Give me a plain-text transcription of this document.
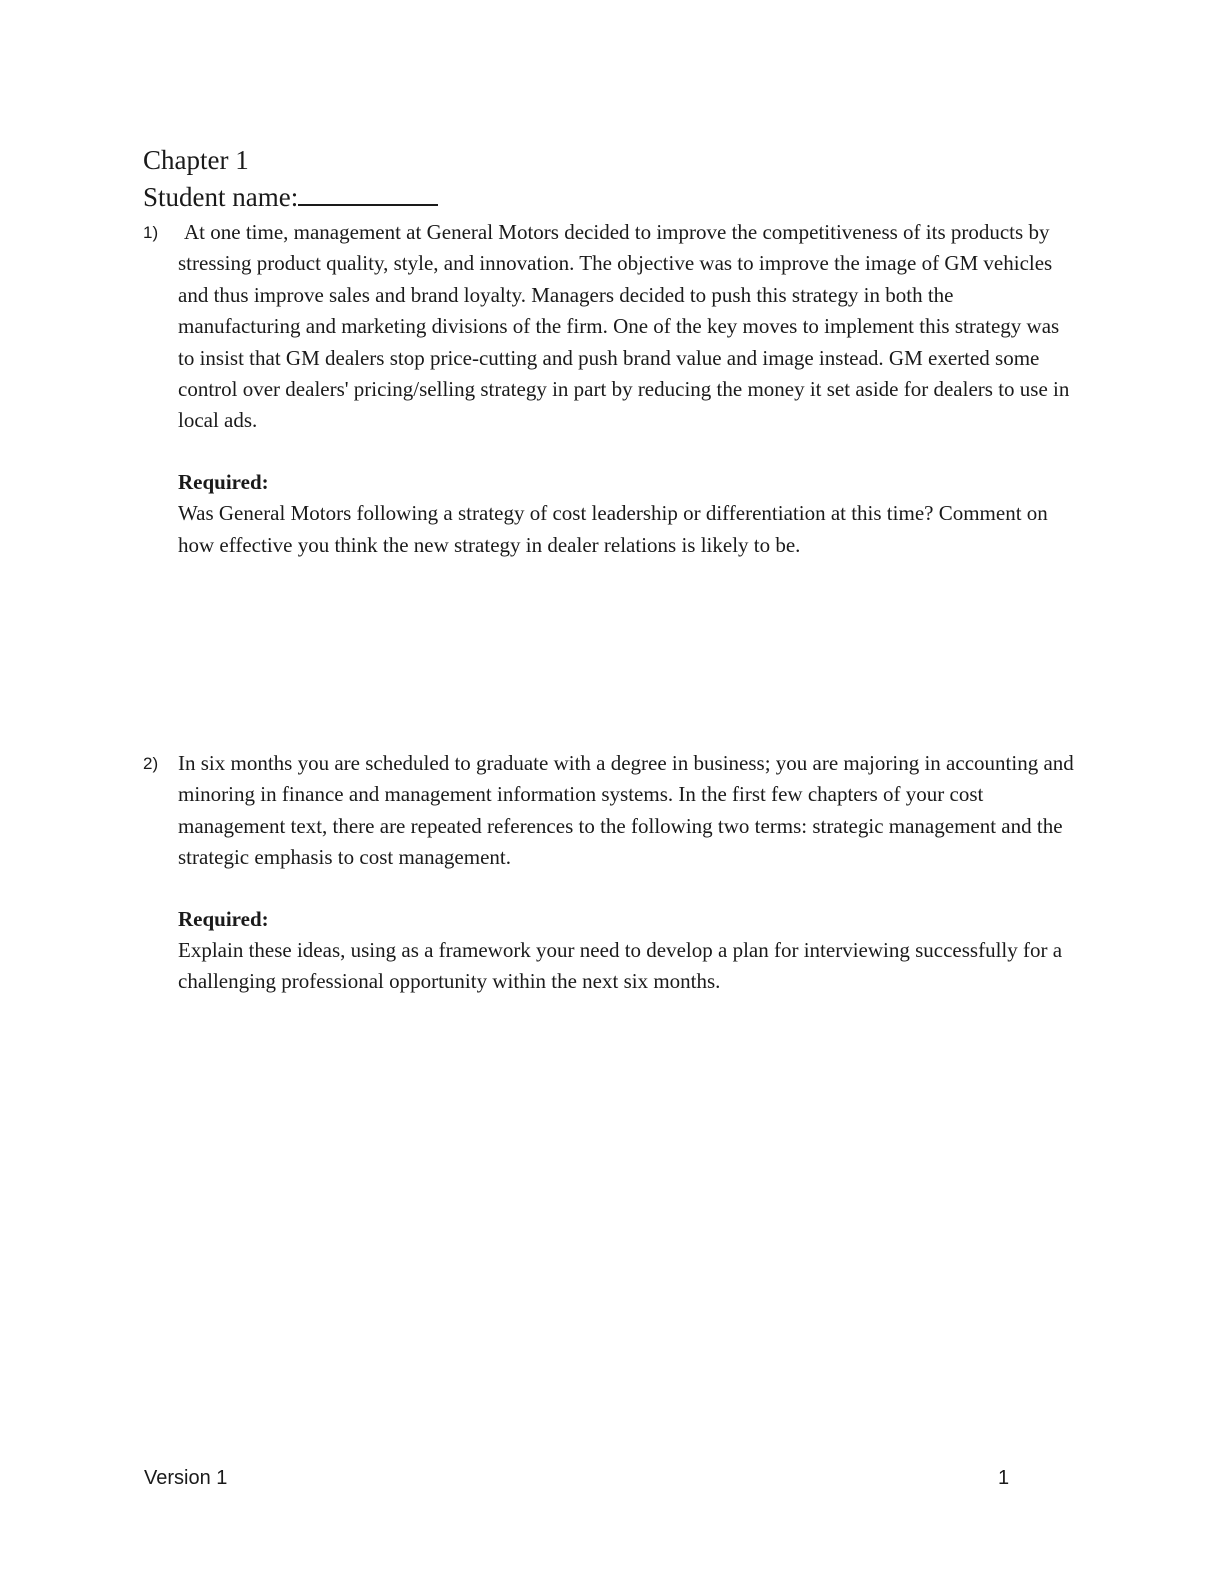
Chapter 1
Student name:
1) At one time, management at General Motors decided to improve the competitiveness of its products by stressing product quality, style, and innovation. The objective was to improve the image of GM vehicles and thus improve sales and brand loyalty. Managers decided to push this strategy in both the manufacturing and marketing divisions of the firm. One of the key moves to implement this strategy was to insist that GM dealers stop price-cutting and push brand value and image instead. GM exerted some control over dealers' pricing/selling strategy in part by reducing the money it set aside for dealers to use in local ads.

Required:

Was General Motors following a strategy of cost leadership or differentiation at this time? Comment on how effective you think the new strategy in dealer relations is likely to be.

2) In six months you are scheduled to graduate with a degree in business; you are majoring in accounting and minoring in finance and management information systems. In the first few chapters of your cost management text, there are repeated references to the following two terms: strategic management and the strategic emphasis to cost management.

Required:

Explain these ideas, using as a framework your need to develop a plan for interviewing successfully for a challenging professional opportunity within the next six months.

Version 1	1
